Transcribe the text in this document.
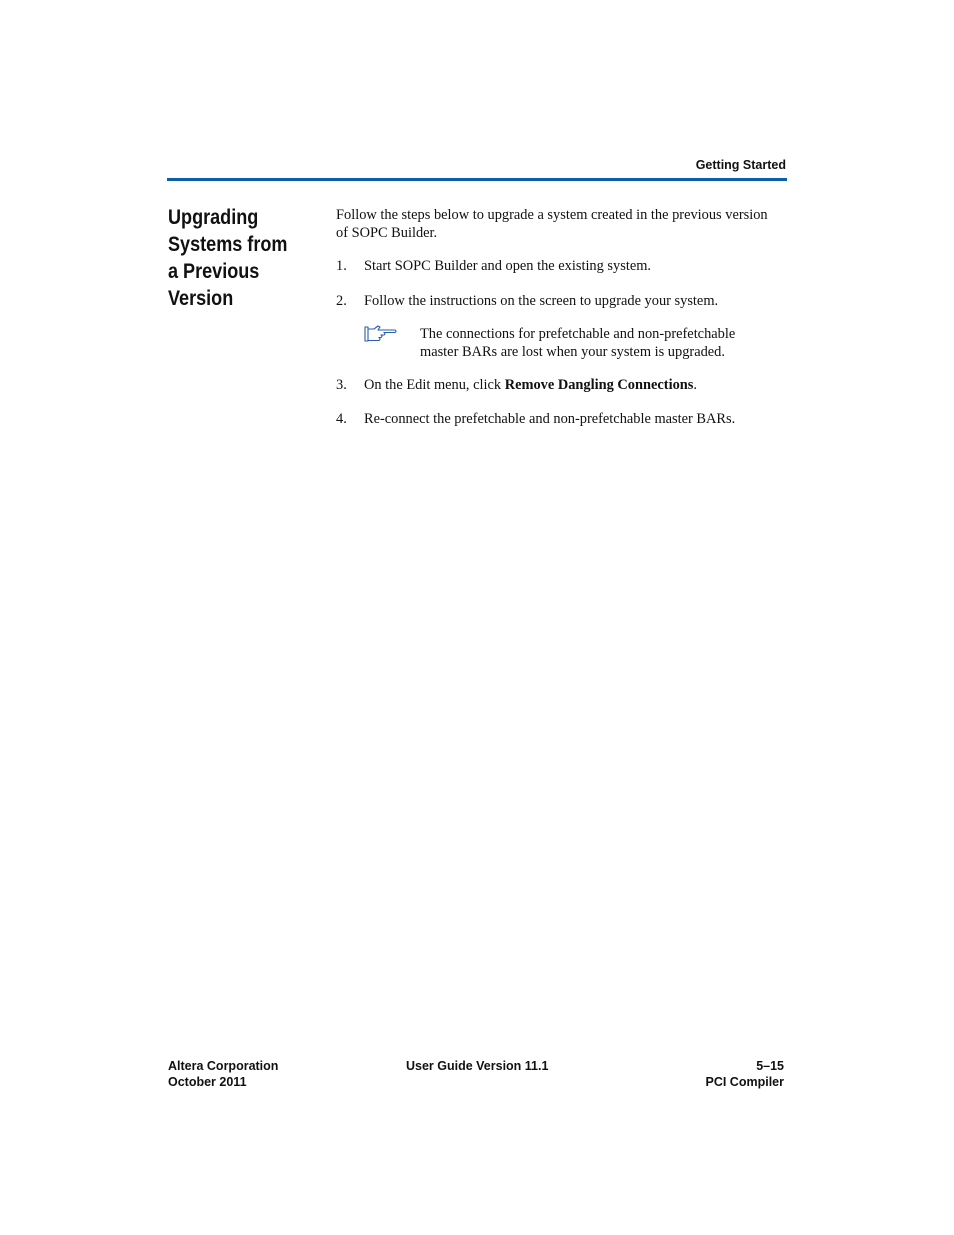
Getting Started
Upgrading Systems from a Previous Version

Follow the steps below to upgrade a system created in the previous version of SOPC Builder.

1. Start SOPC Builder and open the existing system.

2. Follow the instructions on the screen to upgrade your system.

The connections for prefetchable and non-prefetchable master BARs are lost when your system is upgraded.

3. On the Edit menu, click Remove Dangling Connections.

4. Re-connect the prefetchable and non-prefetchable master BARs.

Altera Corporation
October 2011
User Guide Version 11.1	5–15
PCI Compiler
